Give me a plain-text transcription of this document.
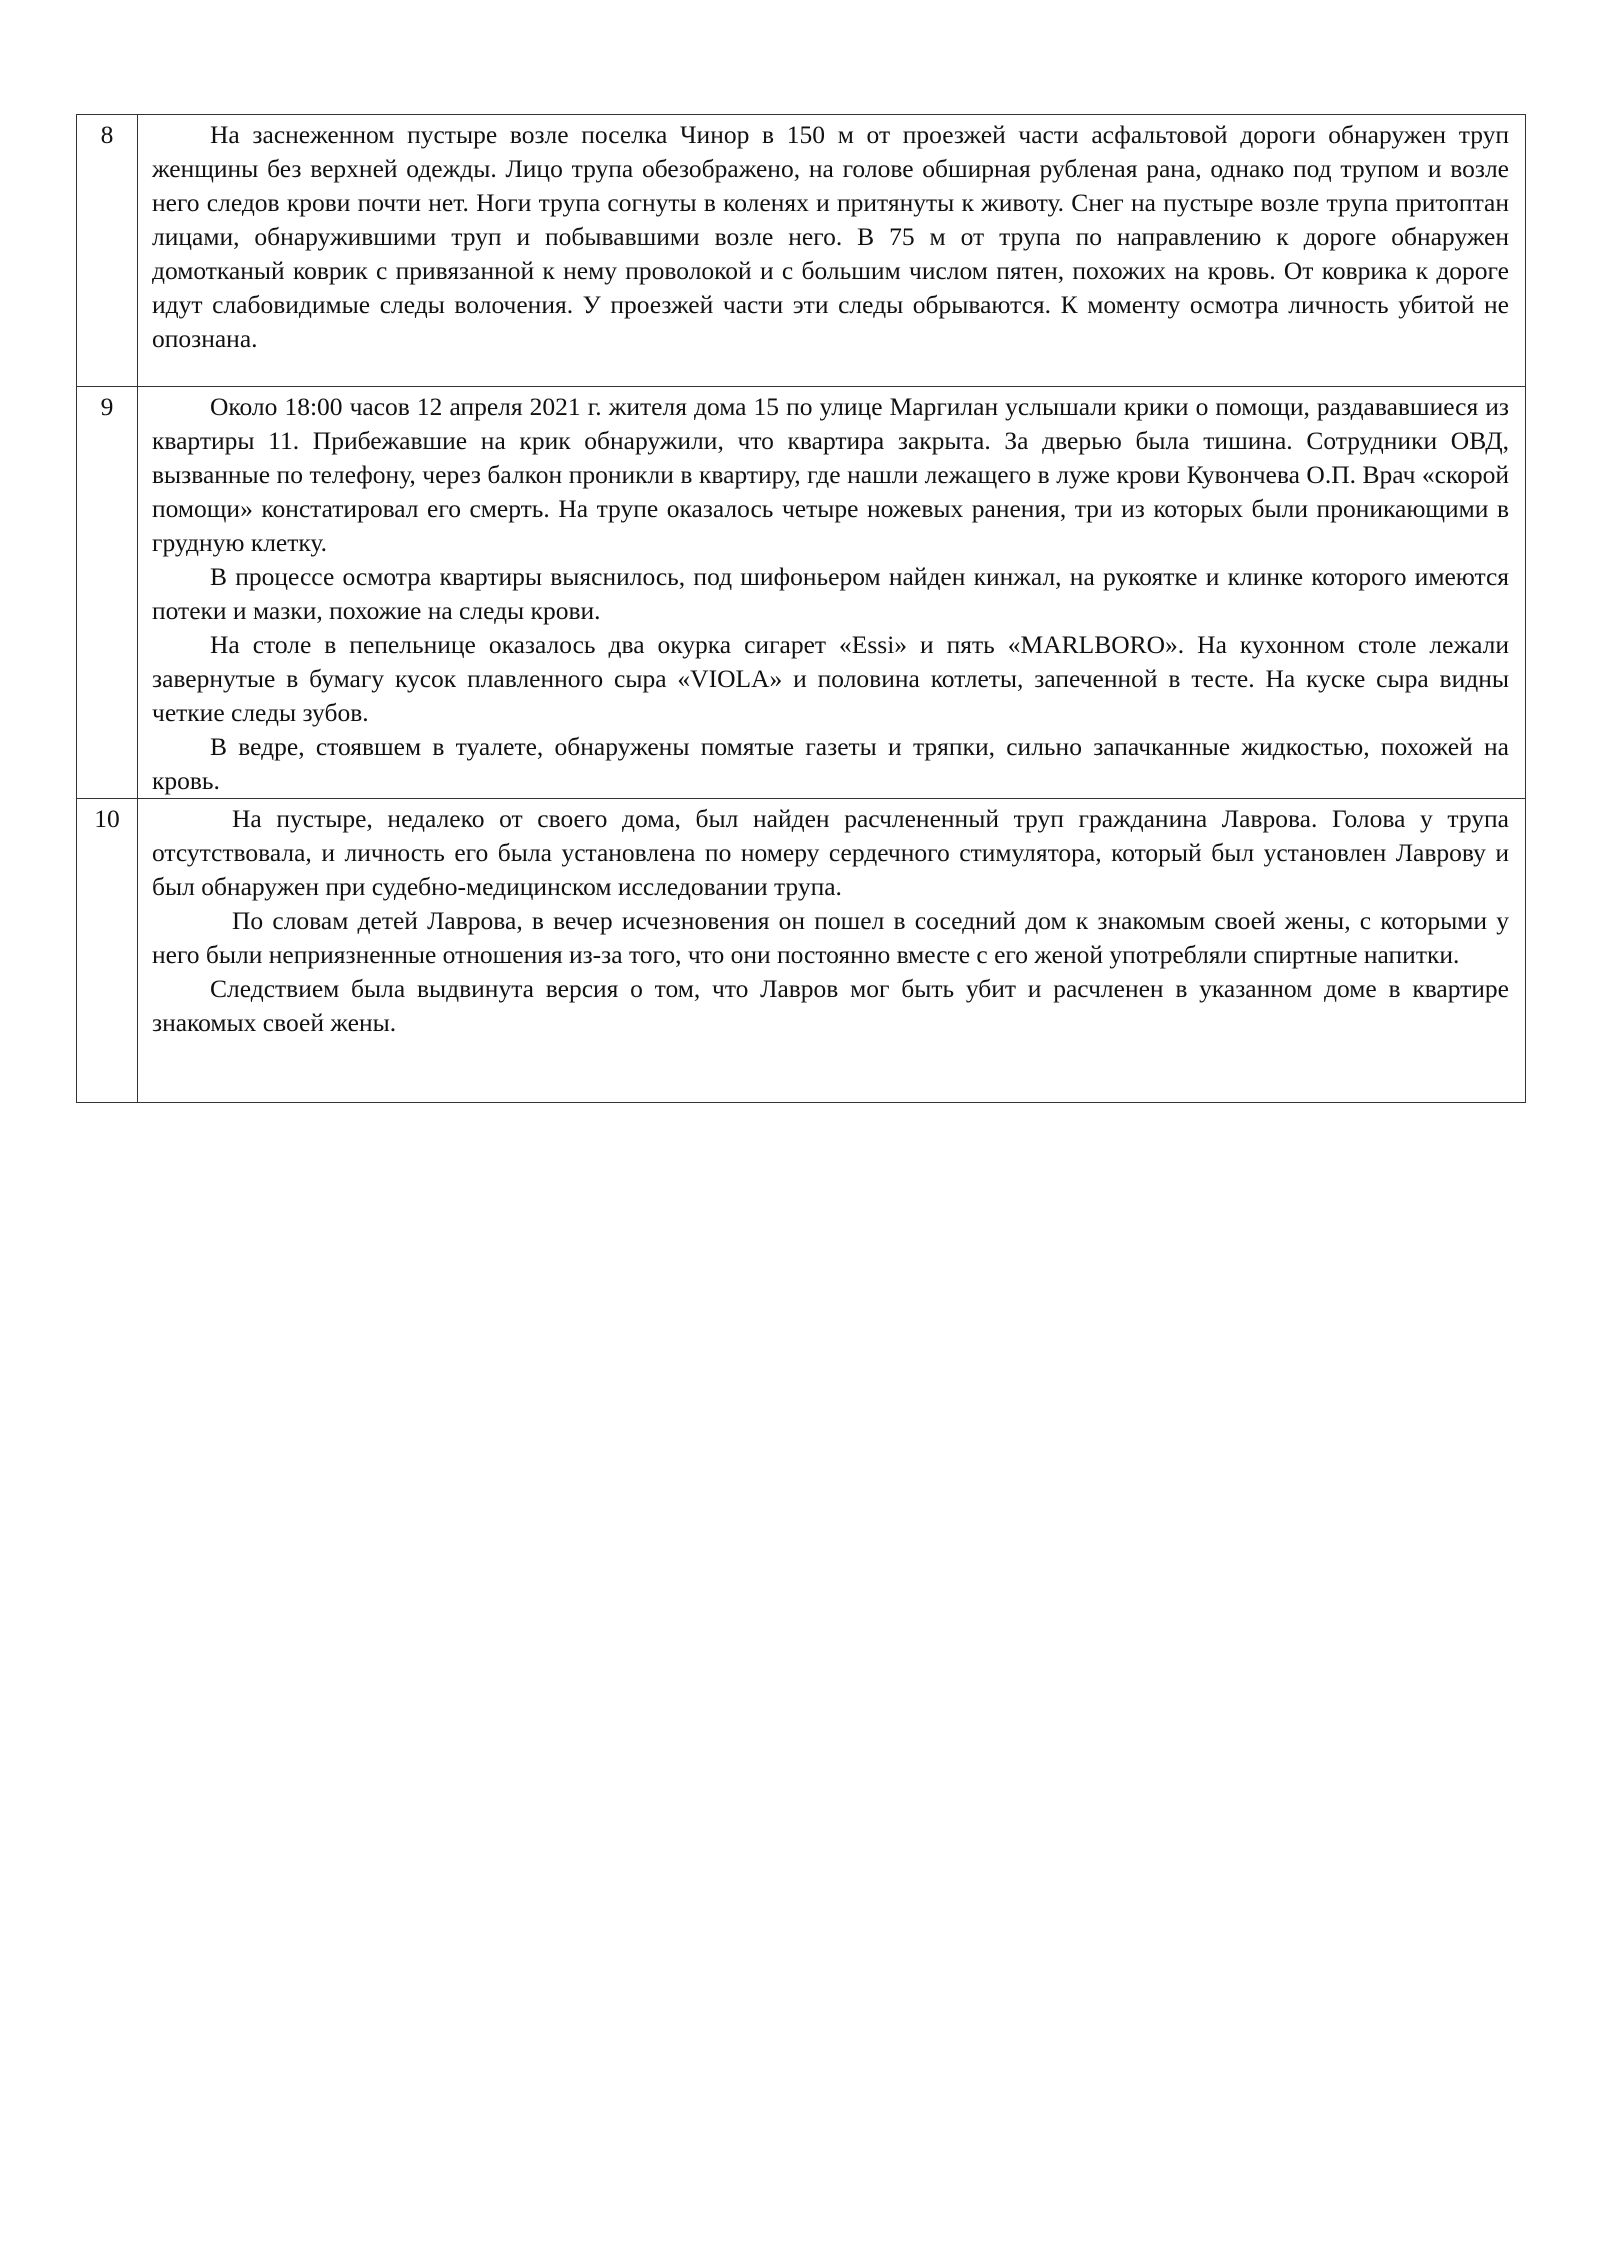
8	На заснеженном пустыре возле поселка Чинор в 150 м от проезжей части асфальтовой дороги обнаружен труп женщины без верхней одежды. Лицо трупа обезображено, на голове обширная рубленая рана, однако под трупом и возле него следов крови почти нет. Ноги трупа согнуты в коленях и притянуты к животу. Снег на пустыре возле трупа притоптан лицами, обнаружившими труп и побывавшими возле него. В 75 м от трупа по направлению к дороге обнаружен домотканый коврик с привязанной к нему проволокой и с большим числом пятен, похожих на кровь. От коврика к дороге идут слабовидимые следы волочения. У проезжей части эти следы обрываются. К моменту осмотра личность убитой не опознана.

9	Около 18:00 часов 12 апреля 2021 г. жителя дома 15 по улице Маргилан услышали крики о помощи, раздававшиеся из квартиры 11. Прибежавшие на крик обнаружили, что квартира закрыта. За дверью была тишина. Сотрудники ОВД, вызванные по телефону, через балкон проникли в квартиру, где нашли лежащего в луже крови Кувончева О.П. Врач «скорой помощи» констатировал его смерть. На трупе оказалось четыре ножевых ранения, три из которых были проникающими в грудную клетку.

В процессе осмотра квартиры выяснилось, под шифоньером найден кинжал, на рукоятке и клинке которого имеются потеки и мазки, похожие на следы крови.

На столе в пепельнице оказалось два окурка сигарет «Essi» и пять «MARLBORO». На кухонном столе лежали завернутые в бумагу кусок плавленного сыра «VIOLA» и половина котлеты, запеченной в тесте. На куске сыра видны четкие следы зубов.

В ведре, стоявшем в туалете, обнаружены помятые газеты и тряпки, сильно запачканные жидкостью, похожей на кровь.

10	На пустыре, недалеко от своего дома, был найден расчлененный труп гражданина Лаврова. Голова у трупа отсутствовала, и личность его была установлена по номеру сердечного стимулятора, который был установлен Лаврову и был обнаружен при судебно-медицинском исследовании трупа.

По словам детей Лаврова, в вечер исчезновения он пошел в соседний дом к знакомым своей жены, с которыми у него были неприязненные отношения из-за того, что они постоянно вместе с его женой употребляли спиртные напитки.

Следствием была выдвинута версия о том, что Лавров мог быть убит и расчленен в указанном доме в квартире знакомых своей жены.
